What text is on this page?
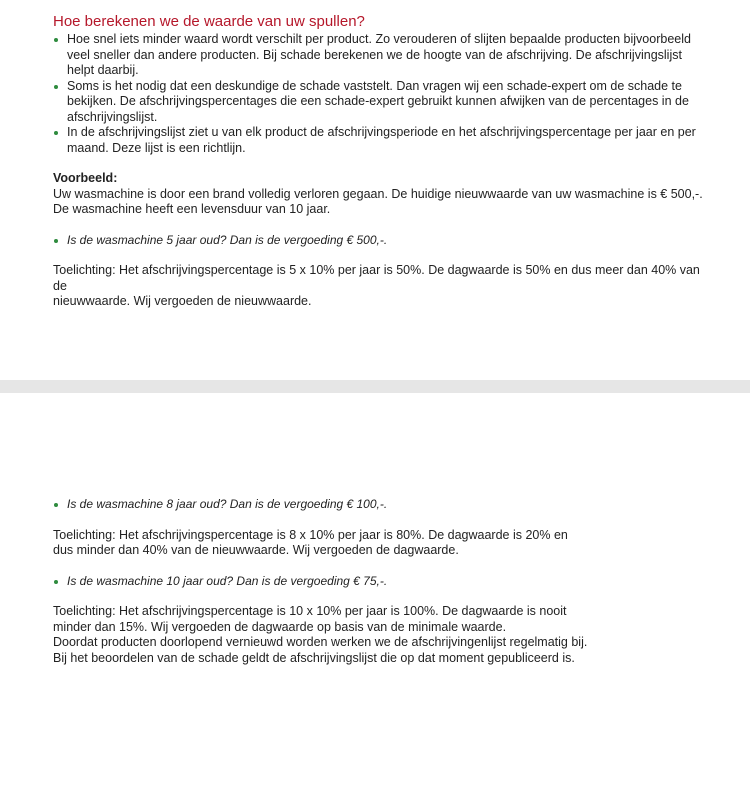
Hoe berekenen we de waarde van uw spullen?
Hoe snel iets minder waard wordt verschilt per product. Zo verouderen of slijten bepaalde producten bijvoorbeeld veel sneller dan andere producten. Bij schade berekenen we de hoogte van de afschrijving. De afschrijvingslijst helpt daarbij.
Soms is het nodig dat een deskundige de schade vaststelt. Dan vragen wij een schade-expert om de schade te bekijken. De afschrijvingspercentages die een schade-expert gebruikt kunnen afwijken van de percentages in de afschrijvingslijst.
In de afschrijvingslijst ziet u van elk product de afschrijvingsperiode en het afschrijvingspercentage per jaar en per maand. Deze lijst is een richtlijn.

Voorbeeld:

Uw wasmachine is door een brand volledig verloren gegaan. De huidige nieuwwaarde van uw wasmachine is € 500,-.

De wasmachine heeft een levensduur van 10 jaar.

Is de wasmachine 5 jaar oud? Dan is de vergoeding € 500,-.

Toelichting: Het afschrijvingspercentage is 5 x 10% per jaar is 50%. De dagwaarde is 50% en dus meer dan 40% van de

nieuwwaarde. Wij vergoeden de nieuwwaarde.

Is de wasmachine 8 jaar oud? Dan is de vergoeding € 100,-.

Toelichting: Het afschrijvingspercentage is 8 x 10% per jaar is 80%. De dagwaarde is 20% en

dus minder dan 40% van de nieuwwaarde. Wij vergoeden de dagwaarde.

Is de wasmachine 10 jaar oud? Dan is de vergoeding € 75,-.

Toelichting: Het afschrijvingspercentage is 10 x 10% per jaar is 100%. De dagwaarde is nooit

minder dan 15%. Wij vergoeden de dagwaarde op basis van de minimale waarde.

Doordat producten doorlopend vernieuwd worden werken we de afschrijvingenlijst regelmatig bij.

Bij het beoordelen van de schade geldt de afschrijvingslijst die op dat moment gepubliceerd is.
